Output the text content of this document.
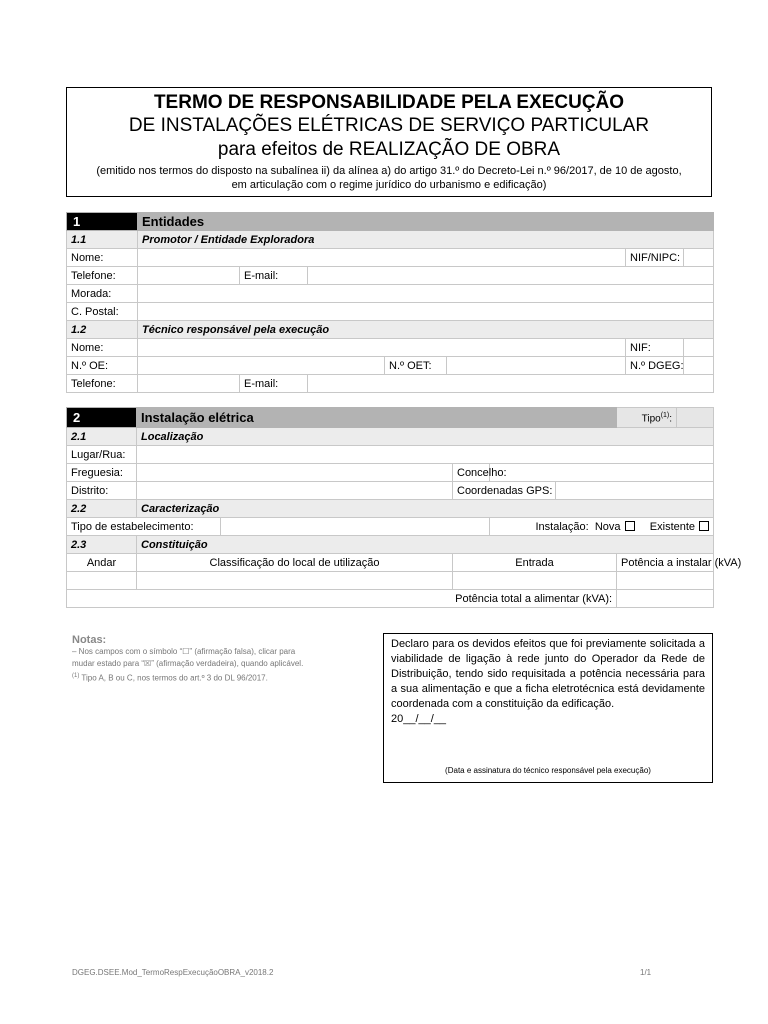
TERMO DE RESPONSABILIDADE PELA EXECUÇÃO
DE INSTALAÇÕES ELÉTRICAS DE SERVIÇO PARTICULAR
para efeitos de REALIZAÇÃO DE OBRA
(emitido nos termos do disposto na subalínea ii) da alínea a) do artigo 31.º do Decreto-Lei n.º 96/2017, de 10 de agosto,
em articulação com o regime jurídico do urbanismo e edificação)
1	Entidades						
1.1	Promotor / Entidade Exploradora						
Nome:						NIF/NIPC:	
Telefone:		E-mail:					
Morada:							
C. Postal:							
1.2	Técnico responsável pela execução						
Nome:						NIF:	
N.º OE:				N.º OET:		N.º DGEG:	
Telefone:		E-mail:					
2	Instalação elétrica					Tipo$^{(1)}$:	
2.1	Localização						
Lugar/Rua:							
Freguesia:			Concelho:				
Distrito:			Coordenadas GPS:				
2.2	Caracterização						
Tipo de estabelecimento:				Instalação: Nova Existente			
2.3	Constituição						
Andar	Classificação do local de utilização		Entrada			Potência a instalar (kVA)	

Potência total a alimentar (kVA):							
Notas:
– Nos campos com o símbolo “☐” (afirmação falsa), clicar para
mudar estado para “☒” (afirmação verdadeira), quando aplicável.
$^{(1)}$ Tipo A, B ou C, nos termos do art.º 3 do DL 96/2017.
Declaro para os devidos efeitos que foi previamente solicitada a viabilidade de ligação à rede junto do Operador da Rede de Distribuição, tendo sido requisitada a potência necessária para a sua alimentação e que a ficha eletrotécnica está devidamente coordenada com a constituição da edificação.
20__/__/__
(Data e assinatura do técnico responsável pela execução)
DGEG.DSEE.Mod_TermoRespExecuçãoOBRA_v2018.2	1/1
